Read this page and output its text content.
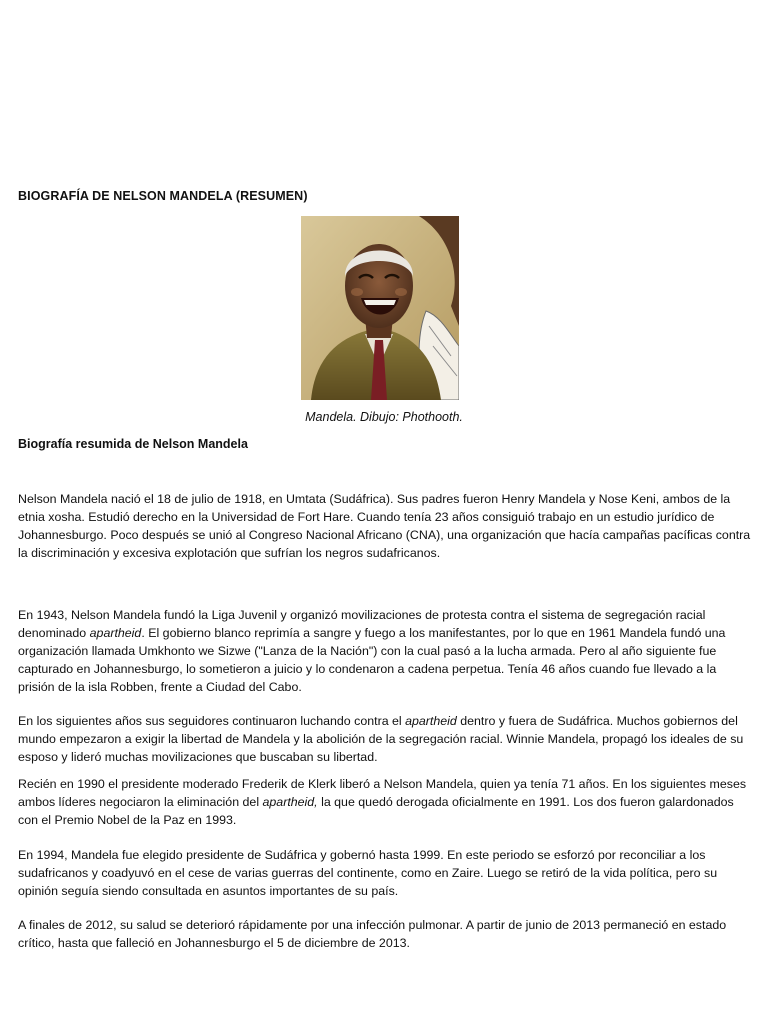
BIOGRAFÍA DE NELSON MANDELA (RESUMEN)
Mandela. Dibujo: Phothooth.
Biografía resumida de Nelson Mandela

Nelson Mandela nació el 18 de julio de 1918, en Umtata (Sudáfrica). Sus padres fueron Henry Mandela y Nose Keni, ambos de la etnia xosha. Estudió derecho en la Universidad de Fort Hare. Cuando tenía 23 años consiguió trabajo en un estudio jurídico de Johannesburgo. Poco después se unió al Congreso Nacional Africano (CNA), una organización que hacía campañas pacíficas contra la discriminación y excesiva explotación que sufrían los negros sudafricanos.

En 1943, Nelson Mandela fundó la Liga Juvenil y organizó movilizaciones de protesta contra el sistema de segregación racial denominado apartheid. El gobierno blanco reprimía a sangre y fuego a los manifestantes, por lo que en 1961 Mandela fundó una organización llamada Umkhonto we Sizwe ("Lanza de la Nación") con la cual pasó a la lucha armada. Pero al año siguiente fue capturado en Johannesburgo, lo sometieron a juicio y lo condenaron a cadena perpetua. Tenía 46 años cuando fue llevado a la prisión de la isla Robben, frente a Ciudad del Cabo.

En los siguientes años sus seguidores continuaron luchando contra el apartheid dentro y fuera de Sudáfrica. Muchos gobiernos del mundo empezaron a exigir la libertad de Mandela y la abolición de la segregación racial. Winnie Mandela, propagó los ideales de su esposo y lideró muchas movilizaciones que buscaban su libertad.

Recién en 1990 el presidente moderado Frederik de Klerk liberó a Nelson Mandela, quien ya tenía 71 años. En los siguientes meses ambos líderes negociaron la eliminación del apartheid, la que quedó derogada oficialmente en 1991. Los dos fueron galardonados con el Premio Nobel de la Paz en 1993.

En 1994, Mandela fue elegido presidente de Sudáfrica y gobernó hasta 1999. En este periodo se esforzó por reconciliar a los sudafricanos y coadyuvó en el cese de varias guerras del continente, como en Zaire. Luego se retiró de la vida política, pero su opinión seguía siendo consultada en asuntos importantes de su país.

A finales de 2012, su salud se deterioró rápidamente por una infección pulmonar. A partir de junio de 2013 permaneció en estado crítico, hasta que falleció en Johannesburgo el 5 de diciembre de 2013.
